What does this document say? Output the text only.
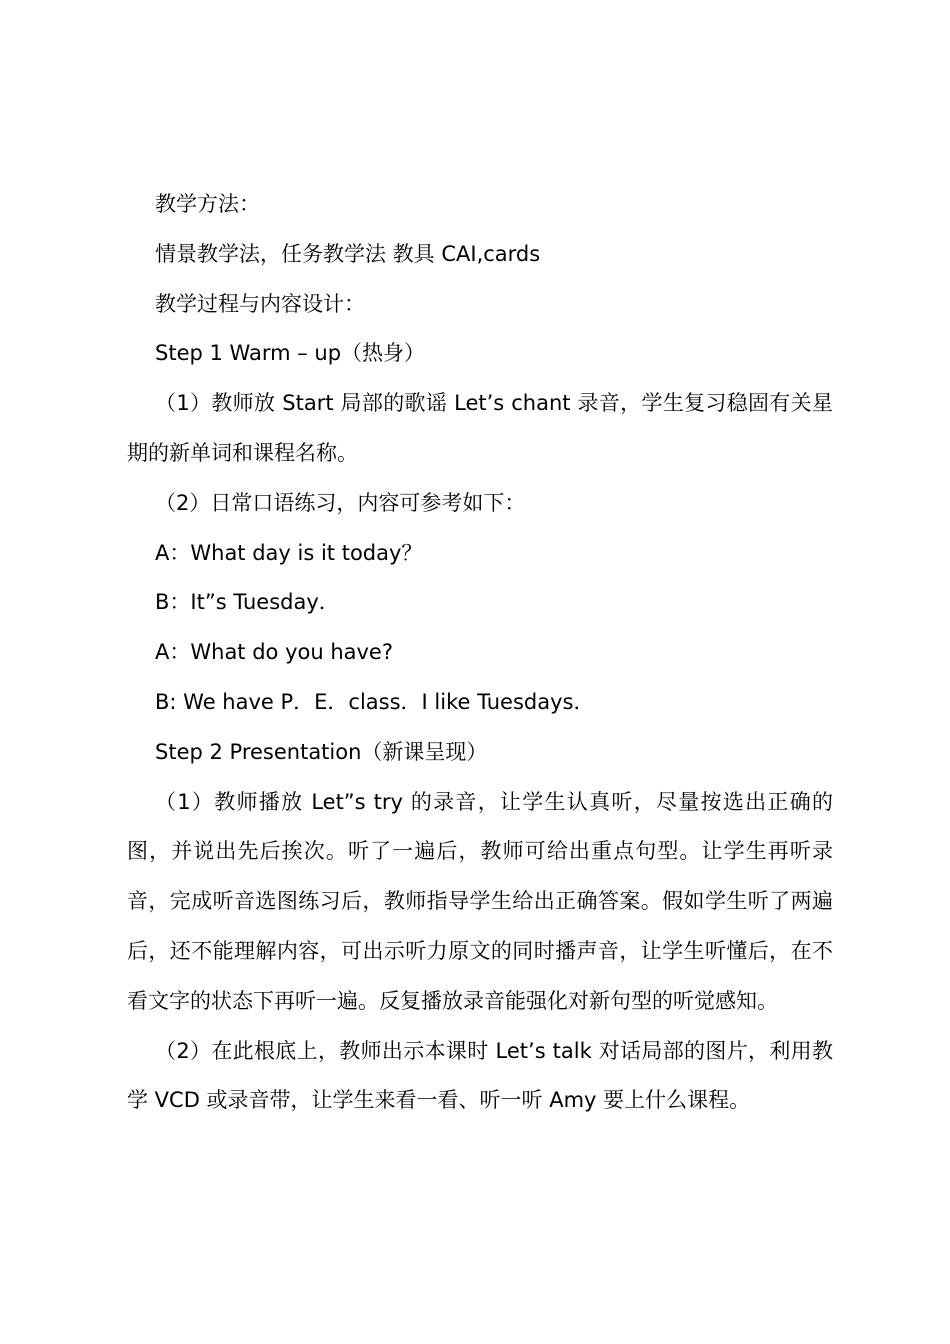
教学方法：

情景教学法，任务教学法 教具 CAI,cards

教学过程与内容设计：

Step 1 Warm – up（热身）

（1）教师放 Start 局部的歌谣 Let’s chant 录音，学生复习稳固有关星期的新单词和课程名称。

（2）日常口语练习，内容可参考如下：

A：What day is it today？

B：It”s Tuesday．

A：What do you have?

B: We have P．E．class．I like Tuesdays．

Step 2 Presentation（新课呈现）

（1）教师播放 Let”s try 的录音，让学生认真听，尽量按选出正确的图，并说出先后挨次。听了一遍后，教师可给出重点句型。让学生再听录音，完成听音选图练习后，教师指导学生给出正确答案。假如学生听了两遍后，还不能理解内容，可出示听力原文的同时播声音，让学生听懂后，在不看文字的状态下再听一遍。反复播放录音能强化对新句型的听觉感知。

（2）在此根底上，教师出示本课时 Let’s talk 对话局部的图片，利用教学 VCD 或录音带，让学生来看一看、听一听 Amy 要上什么课程。
